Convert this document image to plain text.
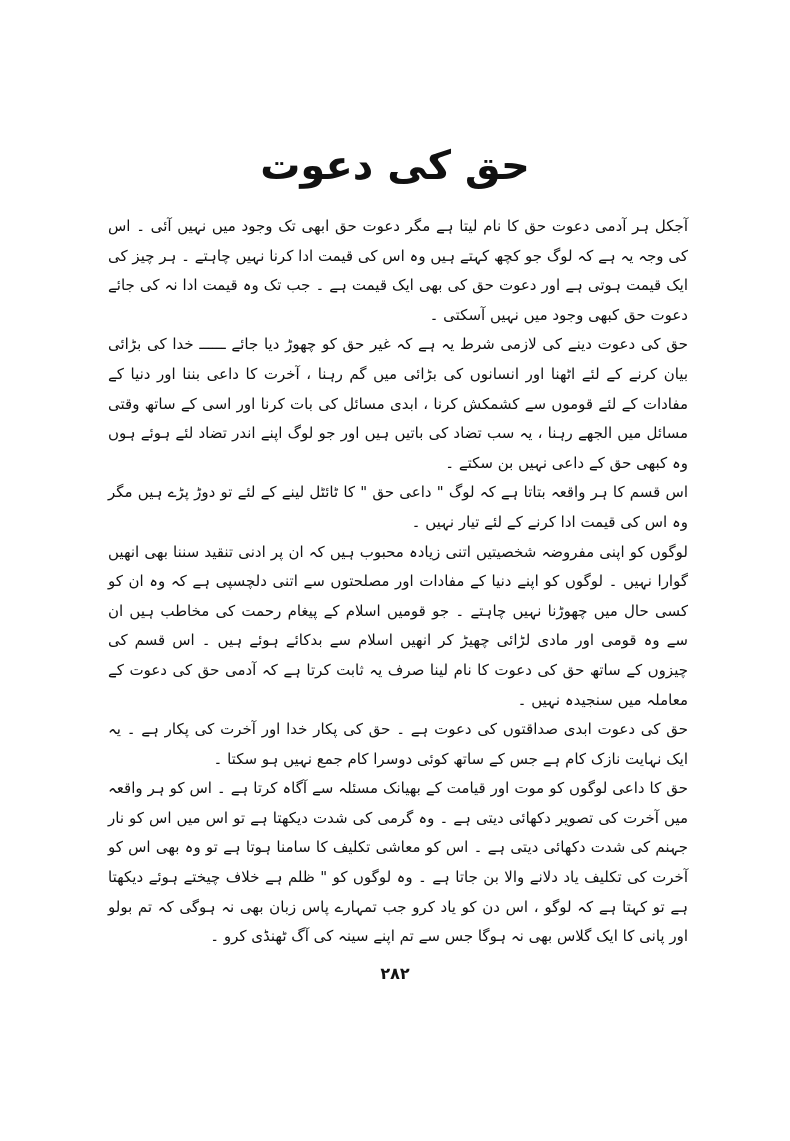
حق کی دعوت

آجکل ہر آدمی دعوت حق کا نام لیتا ہے مگر دعوت حق ابھی تک وجود میں نہیں آئی ۔ اس کی وجہ یہ ہے کہ لوگ جو کچھ کہتے ہیں وہ اس کی قیمت ادا کرنا نہیں چاہتے ۔ ہر چیز کی ایک قیمت ہوتی ہے اور دعوت حق کی بھی ایک قیمت ہے ۔ جب تک وہ قیمت ادا نہ کی جائے دعوت حق کبھی وجود میں نہیں آسکتی ۔

حق کی دعوت دینے کی لازمی شرط یہ ہے کہ غیر حق کو چھوڑ دیا جائے ــــــ خدا کی بڑائی بیان کرنے کے لئے اٹھنا اور انسانوں کی بڑائی میں گم رہنا ، آخرت کا داعی بننا اور دنیا کے مفادات کے لئے قوموں سے کشمکش کرنا ، ابدی مسائل کی بات کرنا اور اسی کے ساتھ وقتی مسائل میں الجھے رہنا ، یہ سب تضاد کی باتیں ہیں اور جو لوگ اپنے اندر تضاد لئے ہوئے ہوں وہ کبھی حق کے داعی نہیں بن سکتے ۔

اس قسم کا ہر واقعہ بتاتا ہے کہ لوگ " داعی حق " کا ٹائٹل لینے کے لئے تو دوڑ پڑے ہیں مگر وہ اس کی قیمت ادا کرنے کے لئے تیار نہیں ۔

لوگوں کو اپنی مفروضہ شخصیتیں اتنی زیادہ محبوب ہیں کہ ان پر ادنی تنقید سننا بھی انھیں گوارا نہیں ۔ لوگوں کو اپنے دنیا کے مفادات اور مصلحتوں سے اتنی دلچسپی ہے کہ وہ ان کو کسی حال میں چھوڑنا نہیں چاہتے ۔ جو قومیں اسلام کے پیغام رحمت کی مخاطب ہیں ان سے وہ قومی اور مادی لڑائی چھیڑ کر انھیں اسلام سے بدکائے ہوئے ہیں ۔ اس قسم کی چیزوں کے ساتھ حق کی دعوت کا نام لینا صرف یہ ثابت کرتا ہے کہ آدمی حق کی دعوت کے معاملہ میں سنجیدہ نہیں ۔

حق کی دعوت ابدی صداقتوں کی دعوت ہے ۔ حق کی پکار خدا اور آخرت کی پکار ہے ۔ یہ ایک نہایت نازک کام ہے جس کے ساتھ کوئی دوسرا کام جمع نہیں ہو سکتا ۔

حق کا داعی لوگوں کو موت اور قیامت کے بھیانک مسئلہ سے آگاہ کرتا ہے ۔ اس کو ہر واقعہ میں آخرت کی تصویر دکھائی دیتی ہے ۔ وہ گرمی کی شدت دیکھتا ہے تو اس میں اس کو نار جہنم کی شدت دکھائی دیتی ہے ۔ اس کو معاشی تکلیف کا سامنا ہوتا ہے تو وہ بھی اس کو آخرت کی تکلیف یاد دلانے والا بن جاتا ہے ۔ وہ لوگوں کو " ظلم ہے خلاف چیختے ہوئے دیکھتا ہے تو کہتا ہے کہ لوگو ، اس دن کو یاد کرو جب تمہارے پاس زبان بھی نہ ہوگی کہ تم بولو اور پانی کا ایک گلاس بھی نہ ہوگا جس سے تم اپنے سینہ کی آگ ٹھنڈی کرو ۔

۲۸۲
